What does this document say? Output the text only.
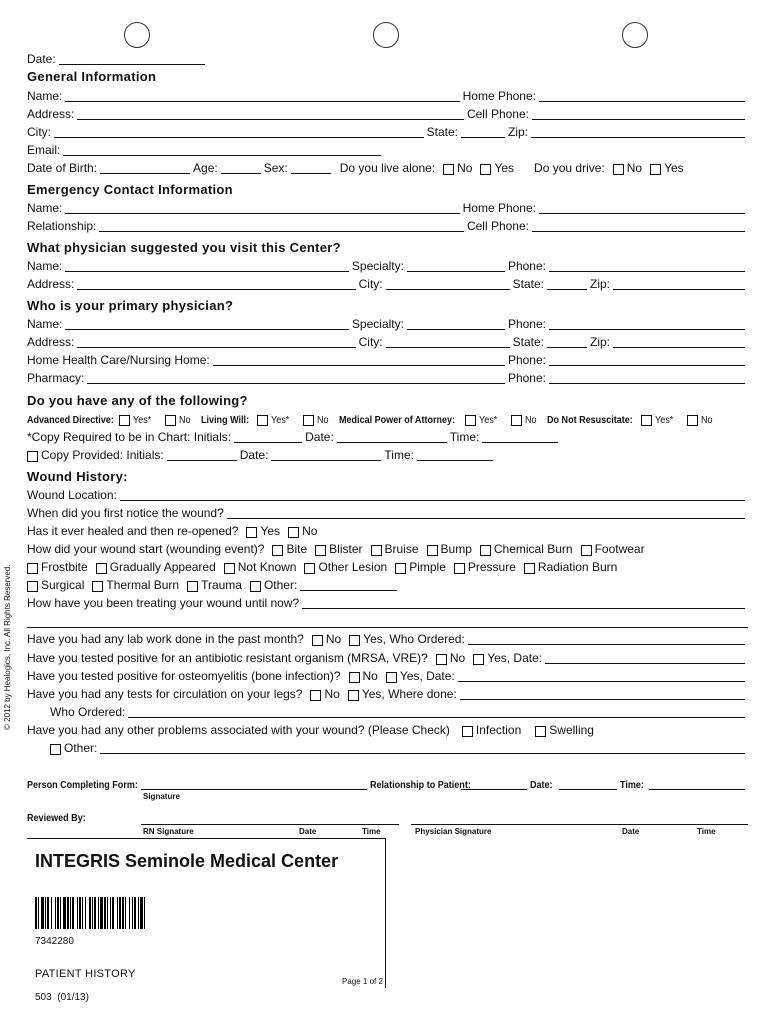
Date:
General Information
Name:	Home Phone:
Address:	Cell Phone:
City:	State:	Zip:
Email:
Date of Birth:	Age:	Sex:	Do you live alone: No Yes Do you drive: No Yes
Emergency Contact Information
Name:	Home Phone:
Relationship:	Cell Phone:
What physician suggested you visit this Center?
Name:	Specialty:	Phone:
Address:	City:	State:	Zip:
Who is your primary physician?
Name:	Specialty:	Phone:
Address:	City:	State:	Zip:
Home Health Care/Nursing Home:	Phone:
Pharmacy:	Phone:
Do you have any of the following?
Advanced Directive: Yes*	No Living Will: Yes*	No Medical Power of Attorney: Yes*	No Do Not Resuscitate: Yes*	No
*Copy Required to be in Chart: Initials:	Date:	Time:
Copy Provided: Initials:	Date:	Time:
Wound History:
Wound Location:
When did you first notice the wound?
Has it ever healed and then re-opened? Yes No
How did your wound start (wounding event)? Bite Blister Bruise Bump Chemical Burn Footwear
Frostbite Gradually Appeared Not Known Other Lesion Pimple Pressure Radiation Burn
Surgical Thermal Burn Trauma Other:
How have you been treating your wound until now?
Have you had any lab work done in the past month? No Yes, Who Ordered:
Have you tested positive for an antibiotic resistant organism (MRSA, VRE)? No Yes, Date:
Have you tested positive for osteomyelitis (bone infection)? No Yes, Date:
Have you had any tests for circulation on your legs? No Yes, Where done:
Who Ordered:
Have you had any other problems associated with your wound? (Please Check) Infection Swelling
Other:
Person Completing Form:	Relationship to Patient:	Date:	Time:
Signature
Reviewed By:
RN Signature	Date	Time	Physician Signature	Date	Time
INTEGRIS Seminole Medical Center
7342280
PATIENT HISTORY
Page 1 of 2
503  (01/13)
© 2012 by Healogics, Inc. All Rights Reserved.
